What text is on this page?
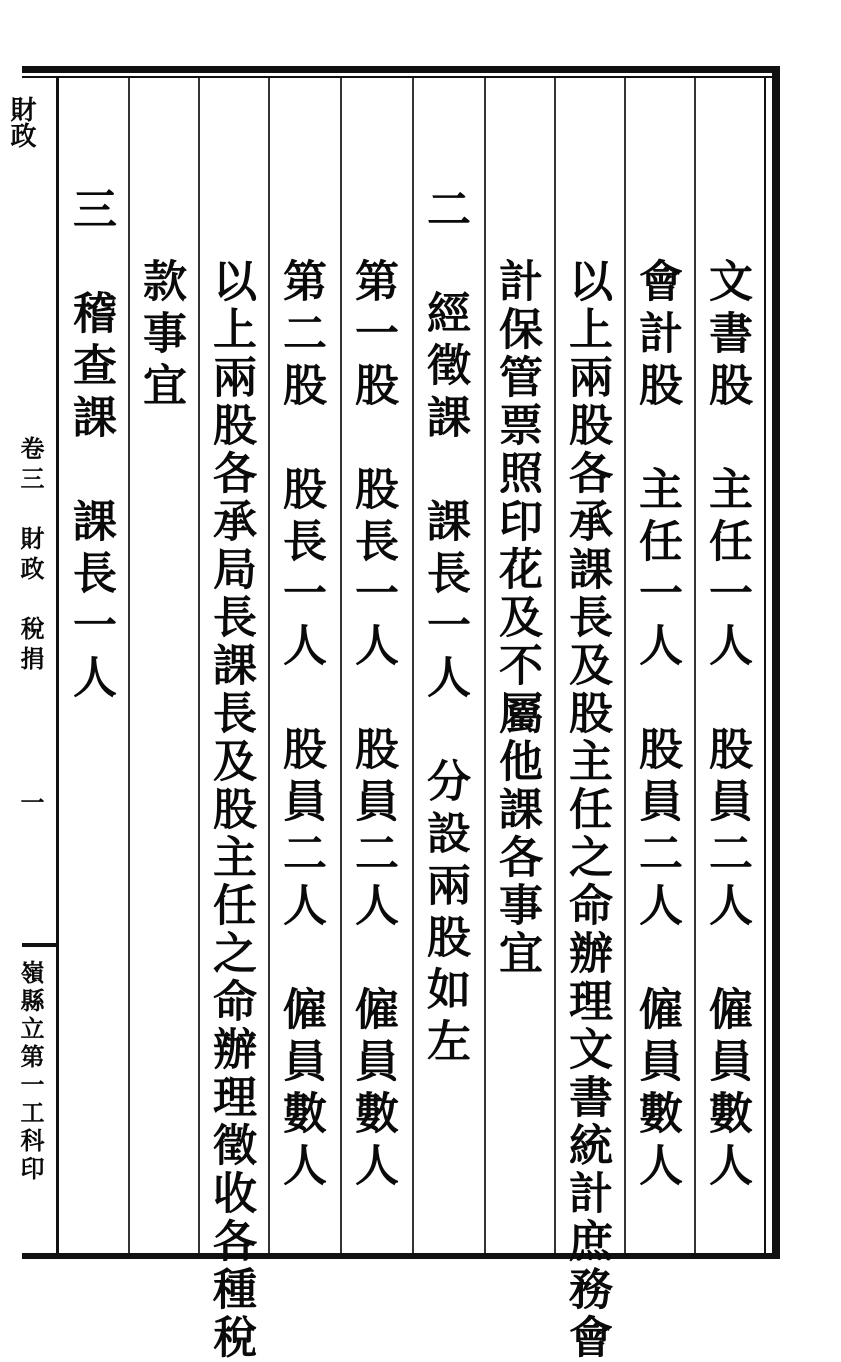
文書股　主任一人　股員二人　僱員數人
會計股　主任一人　股員二人　僱員數人
以上兩股各承課長及股主任之命辦理文書統計庶務會
計保管票照印花及不屬他課各事宜
二　經徵課　課長一人　分設兩股如左
第一股　股長一人　股員二人　僱員數人
第二股　股長一人　股員二人　僱員數人
以上兩股各承局長課長及股主任之命辦理徵收各種稅
款事宜
三　稽查課　課長一人
財政
卷三　財政　稅捐
一
嶺縣立第一工科印
